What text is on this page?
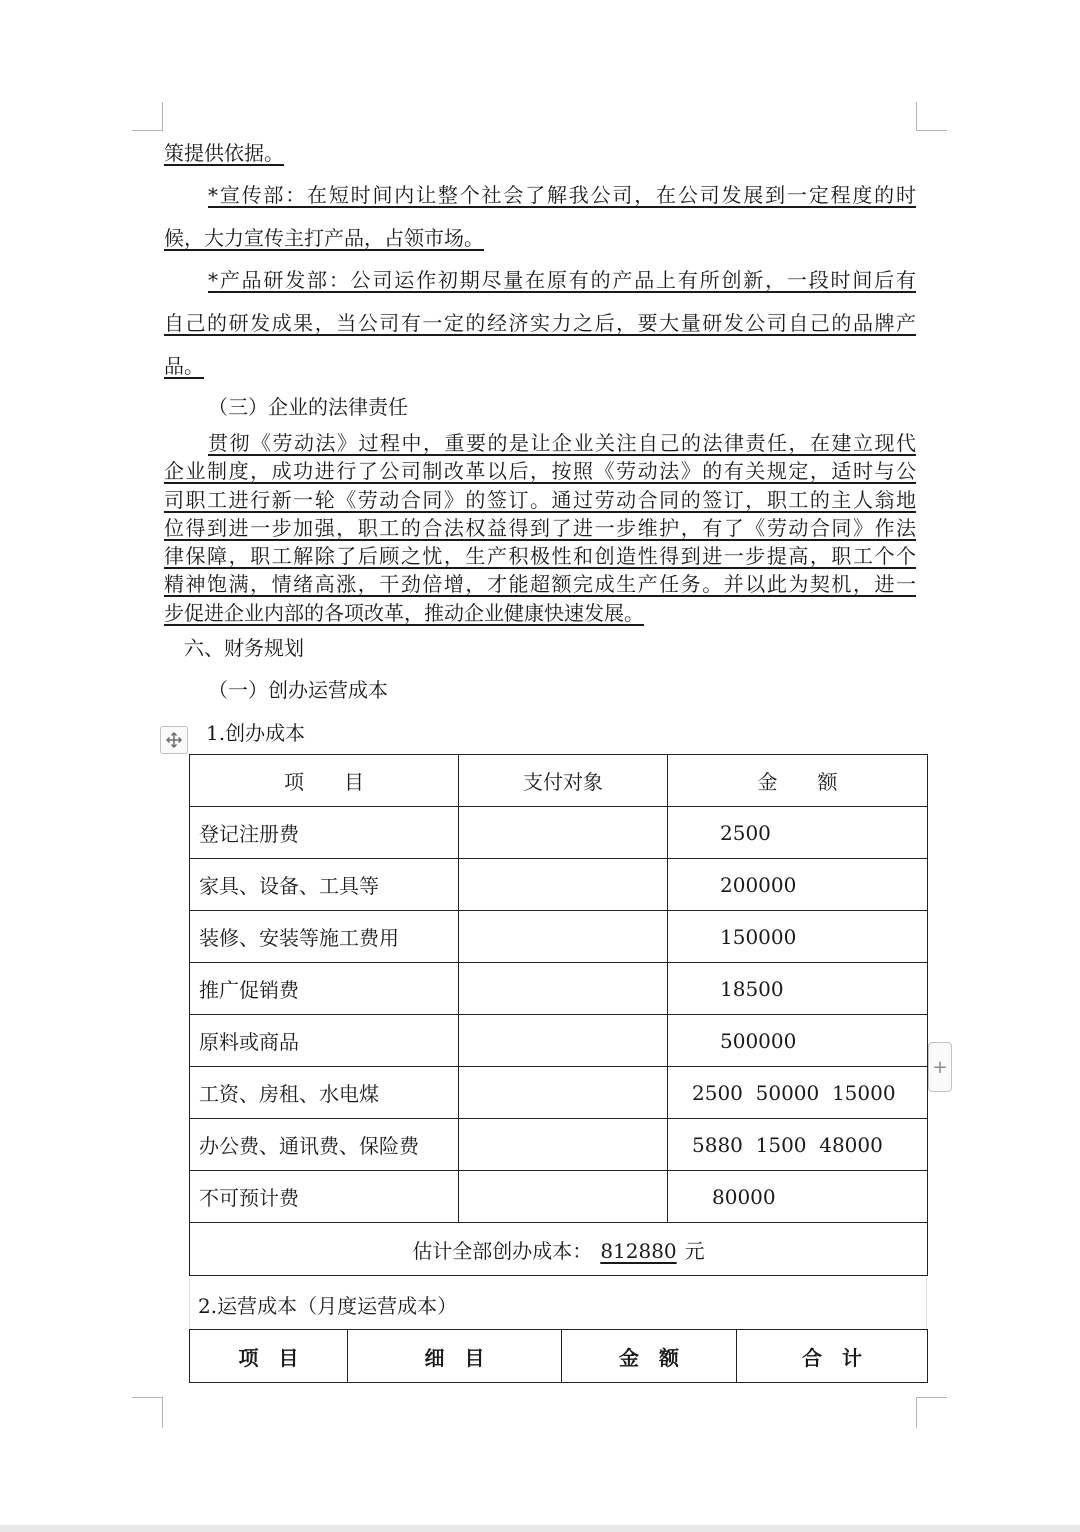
策提供依据。
*宣传部：在短时间内让整个社会了解我公司，在公司发展到一定程度的时
候，大力宣传主打产品，占领市场。
*产品研发部：公司运作初期尽量在原有的产品上有所创新，一段时间后有
自己的研发成果，当公司有一定的经济实力之后，要大量研发公司自己的品牌产
品。
（三）企业的法律责任
贯彻《劳动法》过程中，重要的是让企业关注自己的法律责任，在建立现代
企业制度，成功进行了公司制改革以后，按照《劳动法》的有关规定，适时与公
司职工进行新一轮《劳动合同》的签订。通过劳动合同的签订，职工的主人翁地
位得到进一步加强，职工的合法权益得到了进一步维护，有了《劳动合同》作法
律保障，职工解除了后顾之忧，生产积极性和创造性得到进一步提高，职工个个
精神饱满，情绪高涨，干劲倍增，才能超额完成生产任务。并以此为契机，进一
步促进企业内部的各项改革，推动企业健康快速发展。
六、财务规划
（一）创办运营成本
1.创办成本
项　　目	支付对象	金　　额
登记注册费		2500
家具、设备、工具等		200000
装修、安装等施工费用		150000
推广促销费		18500
原料或商品		500000
工资、房租、水电煤		2500  50000  15000
办公费、通讯费、保险费		5880  1500  48000
不可预计费		80000
估计全部创办成本： 812880 元		
+
2.运营成本（月度运营成本）
项　目	细　目	金　额	合　计
